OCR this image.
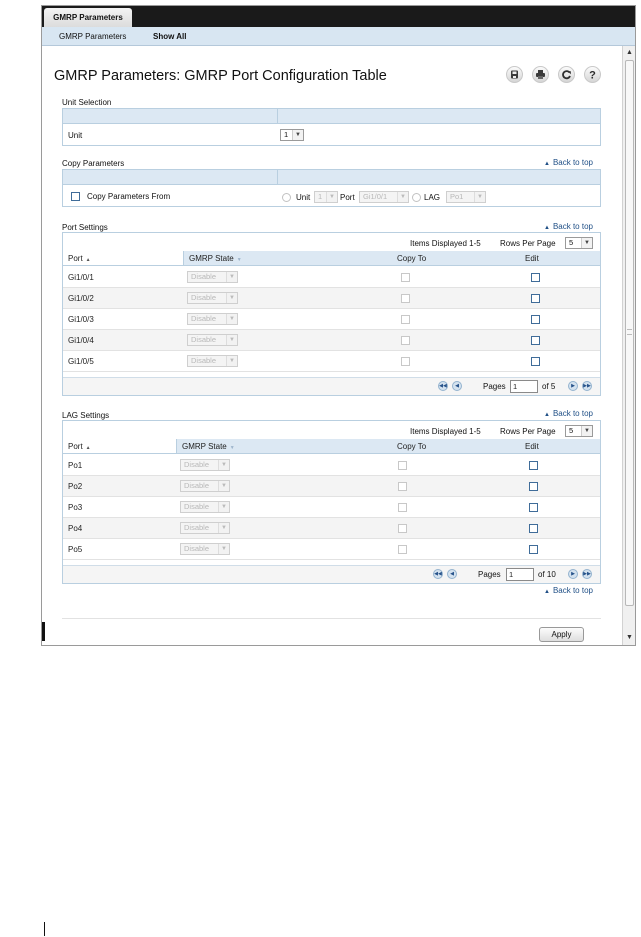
GMRP Parameters
GMRP Parameters	Show All
GMRP Parameters: GMRP Port Configuration Table	?
Unit Selection
Unit	1	▼
Copy Parameters	▲ Back to top
Copy Parameters From	Unit	1	▼ Port	Gi1/0/1	▼ LAG	Po1	▼
Port Settings	▲ Back to top
Items Displayed 1-5	Rows Per Page	5	▼
Port ▲	GMRP State ▼	Copy To	Edit
Gi1/0/1	Disable	▼
Gi1/0/2	Disable	▼
Gi1/0/3	Disable	▼
Gi1/0/4	Disable	▼
Gi1/0/5	Disable	▼
◀◀	◀	Pages 1	of 5	▶	▶▶
LAG Settings	▲ Back to top
Items Displayed 1-5	Rows Per Page	5	▼
Port ▲	GMRP State ▼	Copy To	Edit
Po1	Disable	▼
Po2	Disable	▼
Po3	Disable	▼
Po4	Disable	▼
Po5	Disable	▼
◀◀	◀	Pages	1	of 10	▶	▶▶
▲ Back to top
Apply
▲
▼
